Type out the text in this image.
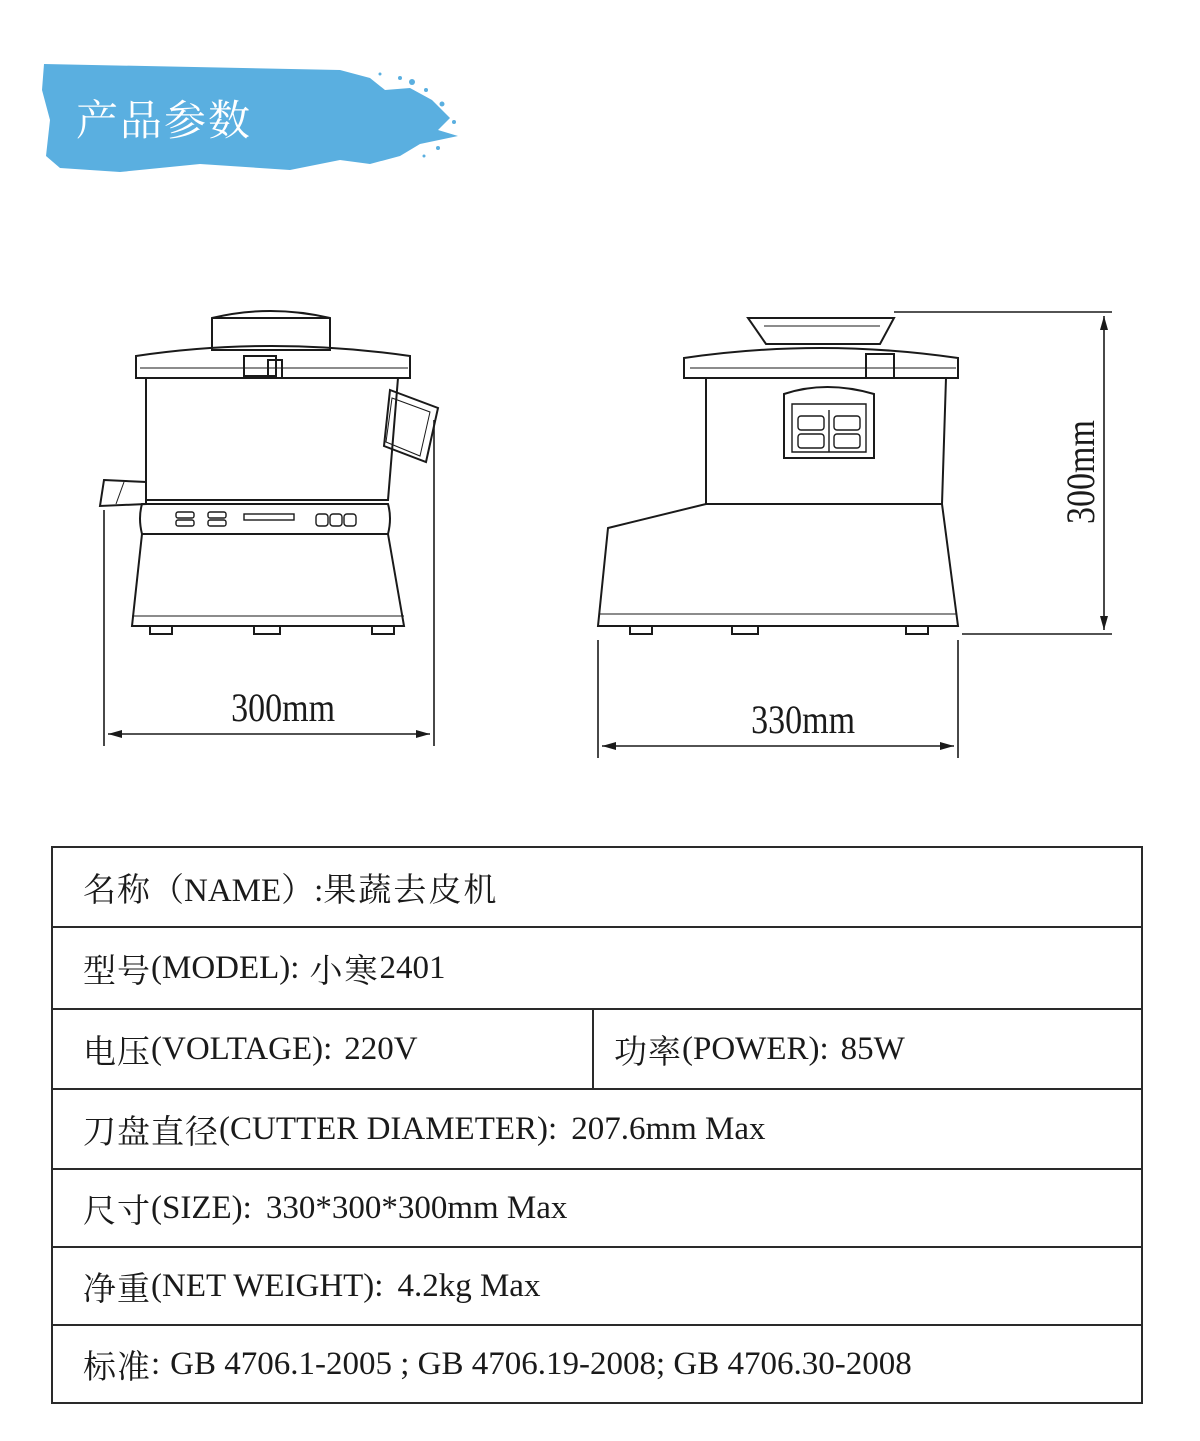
产品参数
300mm	330mm
300mm
名称 （NAME）: 果蔬去皮机
型号 (MODEL): 小寒 2401
电压 (VOLTAGE): 220V	功率 (POWER): 85W
刀盘直径 (CUTTER DIAMETER): 207.6mm Max
尺寸 (SIZE): 330*300*300mm Max
净重 (NET WEIGHT): 4.2kg Max
标准 : GB 4706.1-2005 ; GB 4706.19-2008; GB 4706.30-2008
